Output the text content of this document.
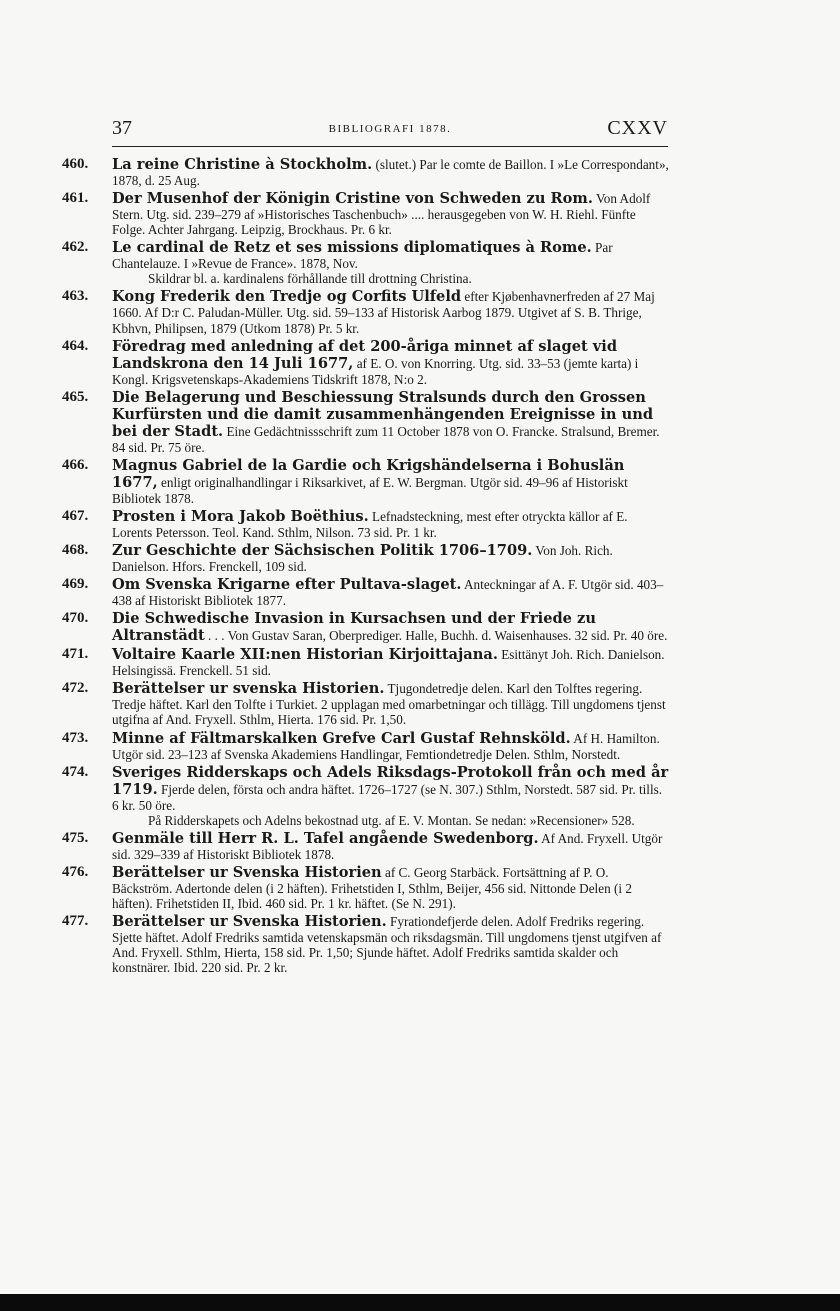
37	BIBLIOGRAFI 1878.	CXXV
460. La reine Christine à Stockholm. (slutet.) Par le comte de Baillon. I »Le Correspondant», 1878, d. 25 Aug.
461. Der Musenhof der Königin Cristine von Schweden zu Rom. Von Adolf Stern. Utg. sid. 239–279 af »Historisches Taschenbuch» .... herausgegeben von W. H. Riehl. Fünfte Folge. Achter Jahrgang. Leipzig, Brockhaus. Pr. 6 kr.
462. Le cardinal de Retz et ses missions diplomatiques à Rome. Par Chantelauze. I »Revue de France». 1878, Nov.
Skildrar bl. a. kardinalens förhållande till drottning Christina.
463. Kong Frederik den Tredje og Corfits Ulfeld efter Kjøbenhavnerfreden af 27 Maj 1660. Af D:r C. Paludan-Müller. Utg. sid. 59–133 af Historisk Aarbog 1879. Utgivet af S. B. Thrige, Kbhvn, Philipsen, 1879 (Utkom 1878) Pr. 5 kr.
464. Föredrag med anledning af det 200-åriga minnet af slaget vid Landskrona den 14 Juli 1677, af E. O. von Knorring. Utg. sid. 33–53 (jemte karta) i Kongl. Krigsvetenskaps-Akademiens Tidskrift 1878, N:o 2.
465. Die Belagerung und Beschiessung Stralsunds durch den Grossen Kurfürsten und die damit zusammenhängenden Ereignisse in und bei der Stadt. Eine Gedächtnissschrift zum 11 October 1878 von O. Francke. Stralsund, Bremer. 84 sid. Pr. 75 öre.
466. Magnus Gabriel de la Gardie och Krigshändelserna i Bohuslän 1677, enligt originalhandlingar i Riksarkivet, af E. W. Bergman. Utgör sid. 49–96 af Historiskt Bibliotek 1878.
467. Prosten i Mora Jakob Boëthius. Lefnadsteckning, mest efter otryckta källor af E. Lorents Petersson. Teol. Kand. Sthlm, Nilson. 73 sid. Pr. 1 kr.
468. Zur Geschichte der Sächsischen Politik 1706–1709. Von Joh. Rich. Danielson. Hfors. Frenckell, 109 sid.
469. Om Svenska Krigarne efter Pultava-slaget. Anteckningar af A. F. Utgör sid. 403–438 af Historiskt Bibliotek 1877.
470. Die Schwedische Invasion in Kursachsen und der Friede zu Altranstädt . . . Von Gustav Saran, Oberprediger. Halle, Buchh. d. Waisenhauses. 32 sid. Pr. 40 öre.
471. Voltaire Kaarle XII:nen Historian Kirjoittajana. Esittänyt Joh. Rich. Danielson. Helsingissä. Frenckell. 51 sid.
472. Berättelser ur svenska Historien. Tjugondetredje delen. Karl den Tolftes regering. Tredje häftet. Karl den Tolfte i Turkiet. 2 upplagan med omarbetningar och tillägg. Till ungdomens tjenst utgifna af And. Fryxell. Sthlm, Hierta. 176 sid. Pr. 1,50.
473. Minne af Fältmarskalken Grefve Carl Gustaf Rehnsköld. Af H. Hamilton. Utgör sid. 23–123 af Svenska Akademiens Handlingar, Femtiondetredje Delen. Sthlm, Norstedt.
474. Sveriges Ridderskaps och Adels Riksdags-Protokoll från och med år 1719. Fjerde delen, första och andra häftet. 1726–1727 (se N. 307.) Sthlm, Norstedt. 587 sid. Pr. tills. 6 kr. 50 öre.
På Ridderskapets och Adelns bekostnad utg. af E. V. Montan. Se nedan: »Recensioner» 528.
475. Genmäle till Herr R. L. Tafel angående Swedenborg. Af And. Fryxell. Utgör sid. 329–339 af Historiskt Bibliotek 1878.
476. Berättelser ur Svenska Historien af C. Georg Starbäck. Fortsättning af P. O. Bäckström. Adertonde delen (i 2 häften). Frihetstiden I, Sthlm, Beijer, 456 sid. Nittonde Delen (i 2 häften). Frihetstiden II, Ibid. 460 sid. Pr. 1 kr. häftet. (Se N. 291).
477. Berättelser ur Svenska Historien. Fyrationdefjerde delen. Adolf Fredriks regering. Sjette häftet. Adolf Fredriks samtida vetenskapsmän och riksdagsmän. Till ungdomens tjenst utgifven af And. Fryxell. Sthlm, Hierta, 158 sid. Pr. 1,50; Sjunde häftet. Adolf Fredriks samtida skalder och konstnärer. Ibid. 220 sid. Pr. 2 kr.
